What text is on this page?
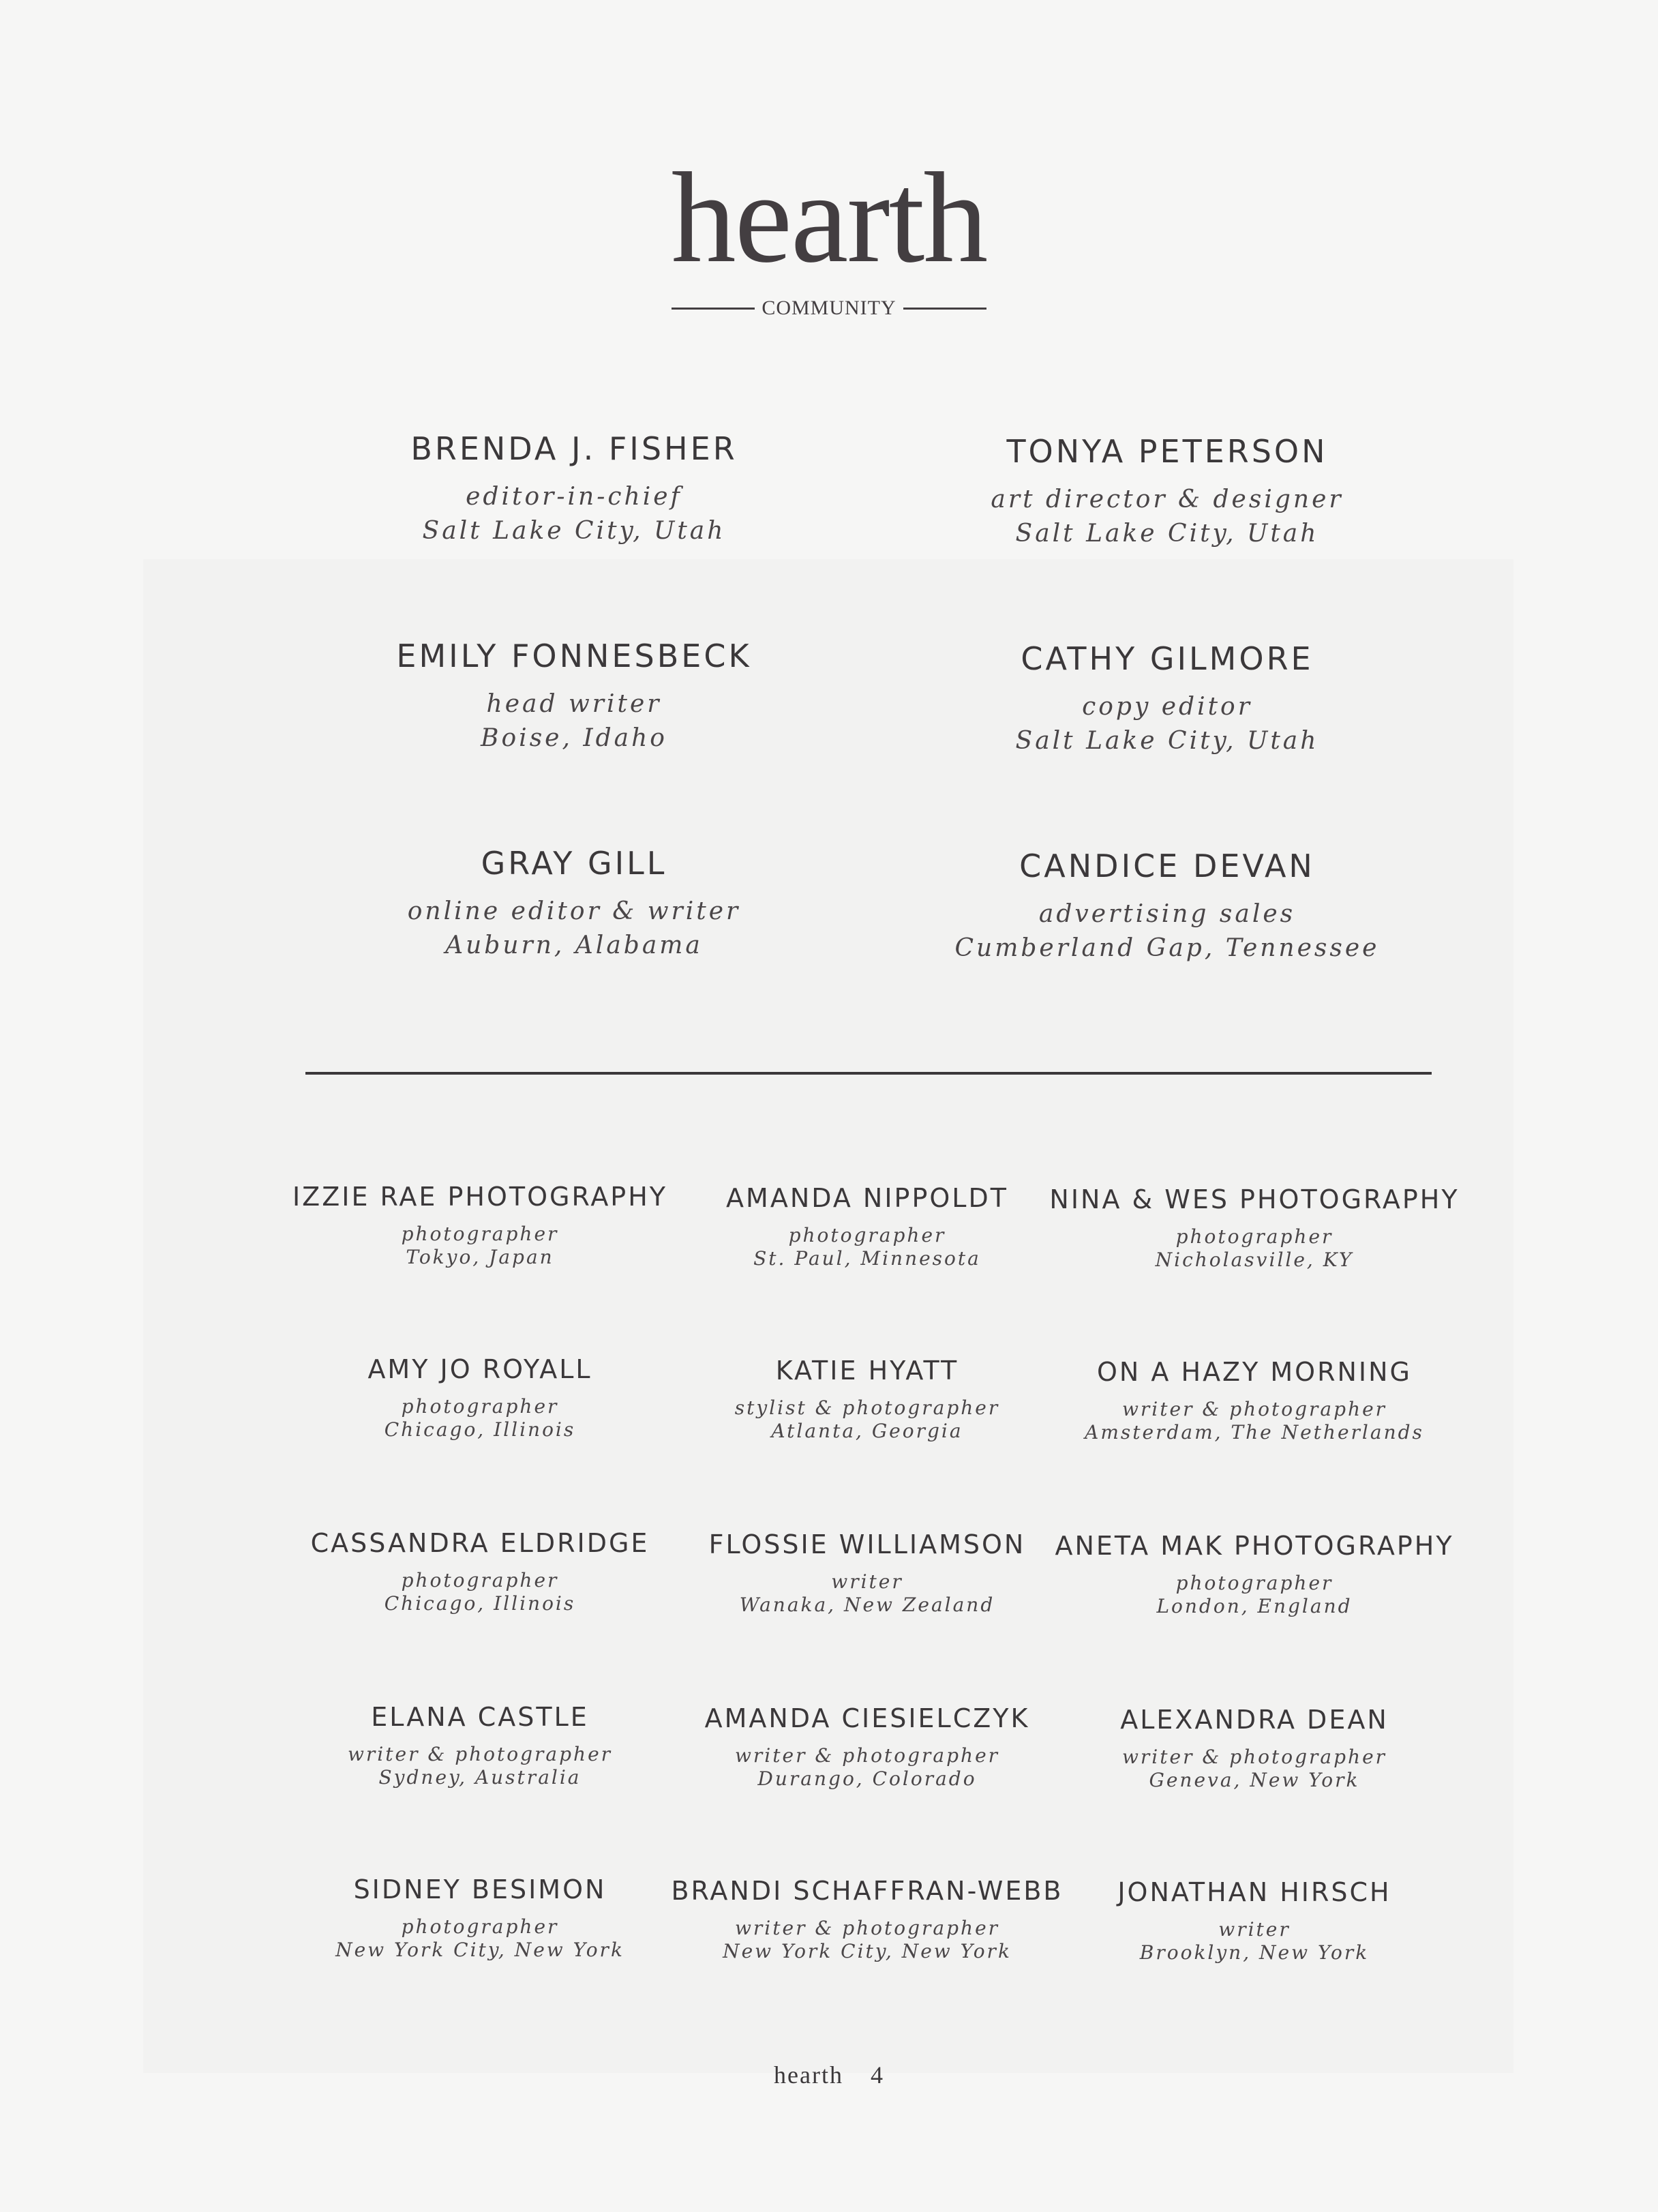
hearth
COMMUNITY
BRENDA J. FISHER
editor-in-chief
Salt Lake City, Utah
TONYA PETERSON
art director & designer
Salt Lake City, Utah
EMILY FONNESBECK
head writer
Boise, Idaho
CATHY GILMORE
copy editor
Salt Lake City, Utah
GRAY GILL
online editor & writer
Auburn, Alabama
CANDICE DEVAN
advertising sales
Cumberland Gap, Tennessee
IZZIE RAE PHOTOGRAPHY
photographer
Tokyo, Japan
AMANDA NIPPOLDT
photographer
St. Paul, Minnesota
NINA & WES PHOTOGRAPHY
photographer
Nicholasville, KY
AMY JO ROYALL
photographer
Chicago, Illinois
KATIE HYATT
stylist & photographer
Atlanta, Georgia
ON A HAZY MORNING
writer & photographer
Amsterdam, The Netherlands
CASSANDRA ELDRIDGE
photographer
Chicago, Illinois
FLOSSIE WILLIAMSON
writer
Wanaka, New Zealand
ANETA MAK PHOTOGRAPHY
photographer
London, England
ELANA CASTLE
writer & photographer
Sydney, Australia
AMANDA CIESIELCZYK
writer & photographer
Durango, Colorado
ALEXANDRA DEAN
writer & photographer
Geneva, New York
SIDNEY BESIMON
photographer
New York City, New York
BRANDI SCHAFFRAN-WEBB
writer & photographer
New York City, New York
JONATHAN HIRSCH
writer
Brooklyn, New York
hearth 4
